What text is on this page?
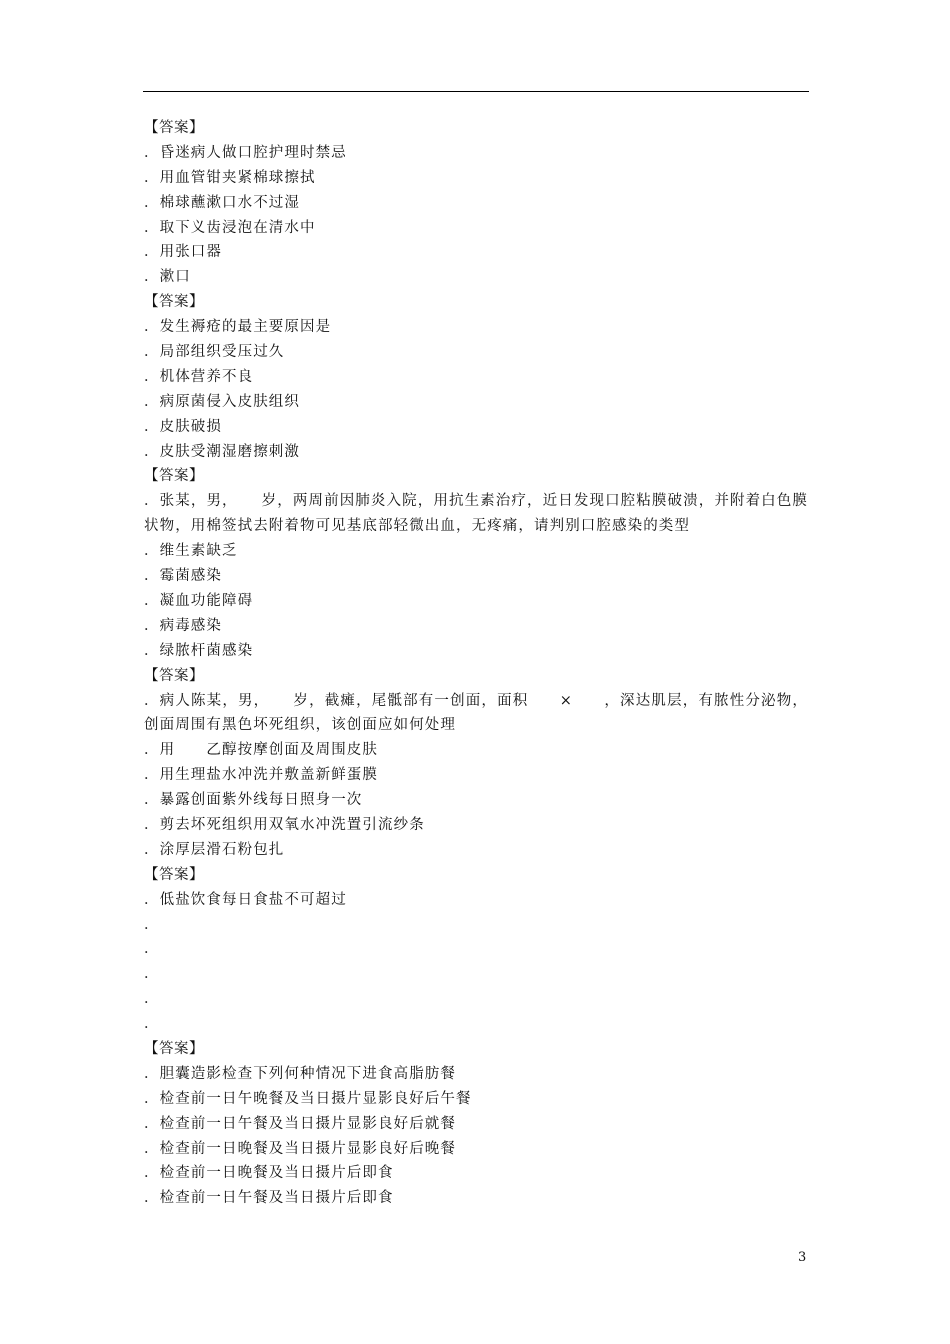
【答案】
．昏迷病人做口腔护理时禁忌
．用血管钳夹紧棉球擦拭
．棉球蘸漱口水不过湿
．取下义齿浸泡在清水中
．用张口器
．漱口
【答案】
．发生褥疮的最主要原因是
．局部组织受压过久
．机体营养不良
．病原菌侵入皮肤组织
．皮肤破损
．皮肤受潮湿磨擦刺激
【答案】
．张某，男，　　岁，两周前因肺炎入院，用抗生素治疗，近日发现口腔粘膜破溃，并附着白色膜状物，用棉签拭去附着物可见基底部轻微出血，无疼痛，请判别口腔感染的类型
．维生素缺乏
．霉菌感染
．凝血功能障碍
．病毒感染
．绿脓杆菌感染
【答案】
．病人陈某，男，　　岁，截瘫，尾骶部有一创面，面积　　×　　，深达肌层，有脓性分泌物，创面周围有黑色坏死组织，该创面应如何处理
．用　　乙醇按摩创面及周围皮肤
．用生理盐水冲洗并敷盖新鲜蛋膜
．暴露创面紫外线每日照身一次
．剪去坏死组织用双氧水冲洗置引流纱条
．涂厚层滑石粉包扎
【答案】
．低盐饮食每日食盐不可超过
．
．
．
．
．
【答案】
．胆囊造影检查下列何种情况下进食高脂肪餐
．检查前一日午晚餐及当日摄片显影良好后午餐
．检查前一日午餐及当日摄片显影良好后就餐
．检查前一日晚餐及当日摄片显影良好后晚餐
．检查前一日晚餐及当日摄片后即食
．检查前一日午餐及当日摄片后即食
3
